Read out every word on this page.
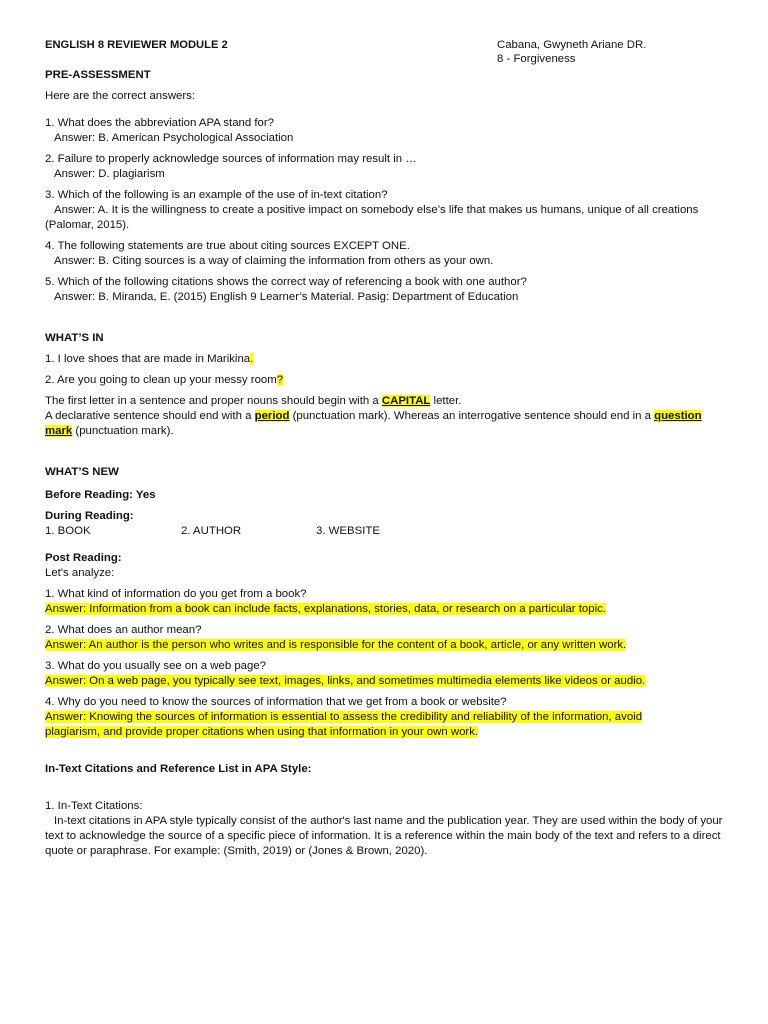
ENGLISH 8 REVIEWER MODULE 2	Cabana, Gwyneth Ariane DR.
8 - Forgiveness

PRE-ASSESSMENT

Here are the correct answers:

1. What does the abbreviation APA stand for?

Answer: B. American Psychological Association

2. Failure to properly acknowledge sources of information may result in …

Answer: D. plagiarism

3. Which of the following is an example of the use of in-text citation?

Answer: A. It is the willingness to create a positive impact on somebody else’s life that makes us humans, unique of all creations (Palomar, 2015).

4. The following statements are true about citing sources EXCEPT ONE.

Answer: B. Citing sources is a way of claiming the information from others as your own.

5. Which of the following citations shows the correct way of referencing a book with one author?

Answer: B. Miranda, E. (2015) English 9 Learner’s Material. Pasig: Department of Education

WHAT’S IN

1. I love shoes that are made in Marikina.

2. Are you going to clean up your messy room?

The first letter in a sentence and proper nouns should begin with a CAPITAL letter.

A declarative sentence should end with a period (punctuation mark). Whereas an interrogative sentence should end in a question mark (punctuation mark).

WHAT’S NEW

Before Reading: Yes

During Reading:

1. BOOK	2. AUTHOR	3. WEBSITE

Post Reading:

Let's analyze:

1. What kind of information do you get from a book?

Answer: Information from a book can include facts, explanations, stories, data, or research on a particular topic.

2. What does an author mean?

Answer: An author is the person who writes and is responsible for the content of a book, article, or any written work.

3. What do you usually see on a web page?

Answer: On a web page, you typically see text, images, links, and sometimes multimedia elements like videos or audio.

4. Why do you need to know the sources of information that we get from a book or website?

Answer: Knowing the sources of information is essential to assess the credibility and reliability of the information, avoid

plagiarism, and provide proper citations when using that information in your own work.

In-Text Citations and Reference List in APA Style:

1. In-Text Citations:

In-text citations in APA style typically consist of the author's last name and the publication year. They are used within the body of your text to acknowledge the source of a specific piece of information. It is a reference within the main body of the text and refers to a direct quote or paraphrase. For example: (Smith, 2019) or (Jones & Brown, 2020).
